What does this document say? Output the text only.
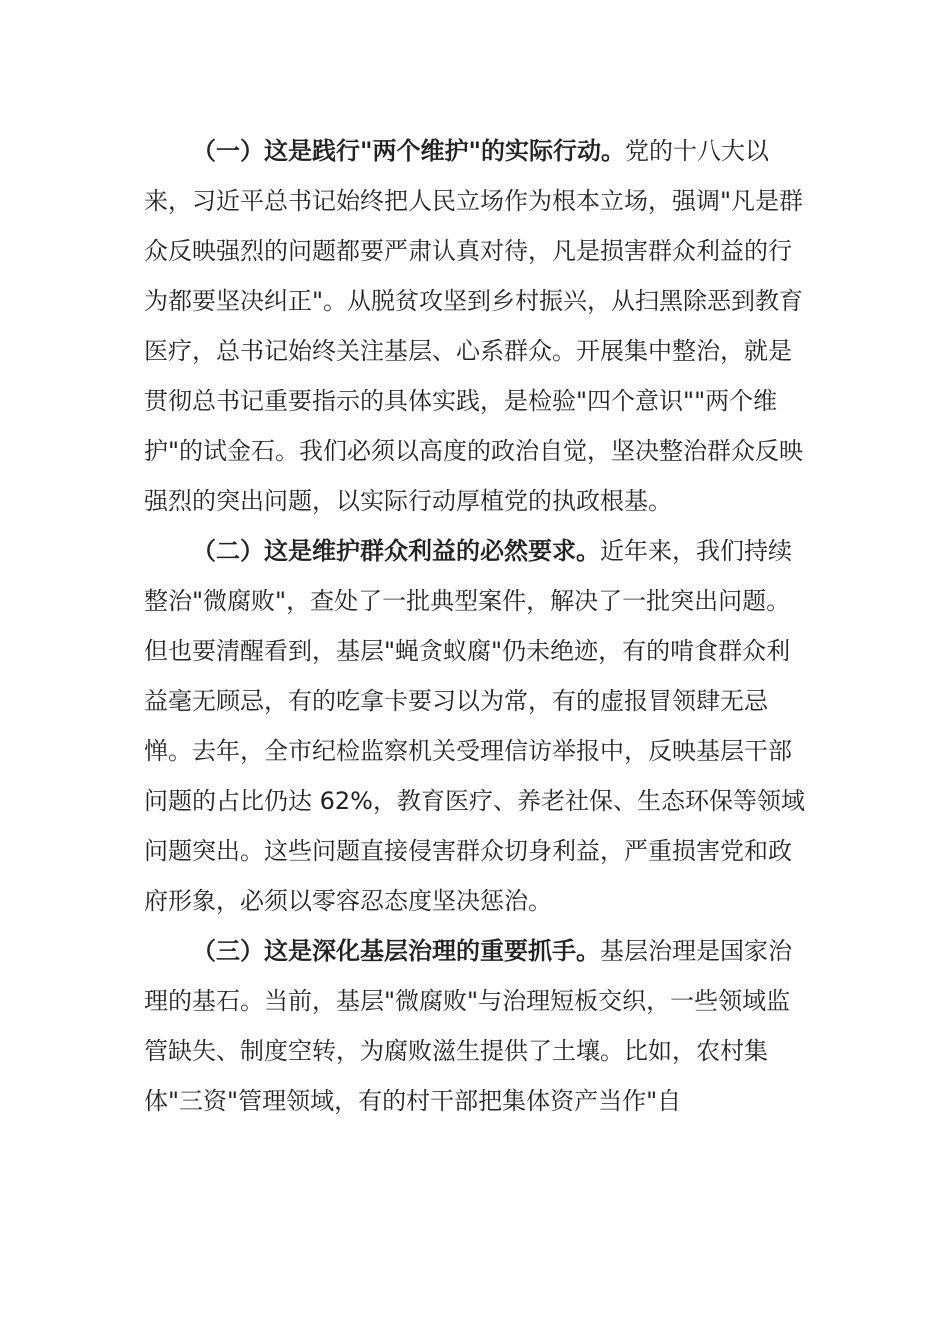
（一）这是践行"两个维护"的实际行动。党的十八大以来，习近平总书记始终把人民立场作为根本立场，强调"凡是群众反映强烈的问题都要严肃认真对待，凡是损害群众利益的行为都要坚决纠正"。从脱贫攻坚到乡村振兴，从扫黑除恶到教育医疗，总书记始终关注基层、心系群众。开展集中整治，就是贯彻总书记重要指示的具体实践，是检验"四个意识""两个维护"的试金石。我们必须以高度的政治自觉，坚决整治群众反映强烈的突出问题，以实际行动厚植党的执政根基。

（二）这是维护群众利益的必然要求。近年来，我们持续整治"微腐败"，查处了一批典型案件，解决了一批突出问题。但也要清醒看到，基层"蝇贪蚁腐"仍未绝迹，有的啃食群众利益毫无顾忌，有的吃拿卡要习以为常，有的虚报冒领肆无忌惮。去年，全市纪检监察机关受理信访举报中，反映基层干部问题的占比仍达 62%，教育医疗、养老社保、生态环保等领域问题突出。这些问题直接侵害群众切身利益，严重损害党和政府形象，必须以零容忍态度坚决惩治。

（三）这是深化基层治理的重要抓手。基层治理是国家治理的基石。当前，基层"微腐败"与治理短板交织，一些领域监管缺失、制度空转，为腐败滋生提供了土壤。比如，农村集体"三资"管理领域，有的村干部把集体资产当作"自
